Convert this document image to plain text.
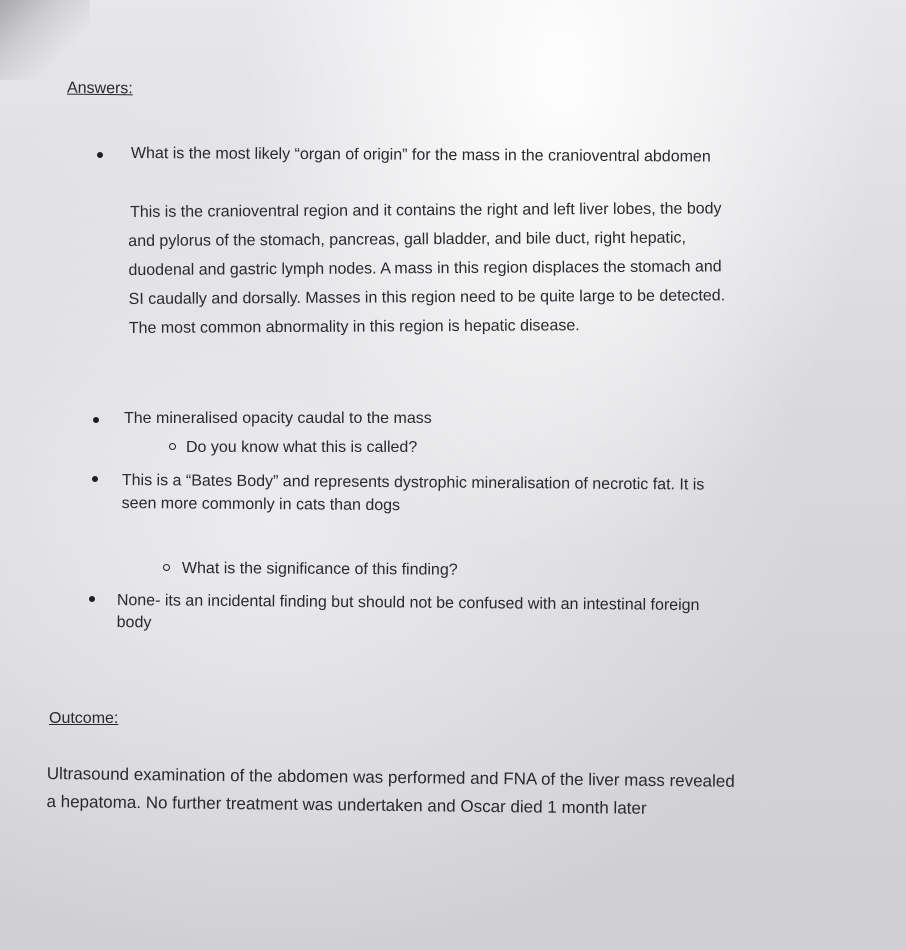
Answers:
What is the most likely “organ of origin” for the mass in the cranioventral abdomen
This is the cranioventral region and it contains the right and left liver lobes, the body
and pylorus of the stomach, pancreas, gall bladder, and bile duct, right hepatic,
duodenal and gastric lymph nodes. A mass in this region displaces the stomach and
SI caudally and dorsally. Masses in this region need to be quite large to be detected.
The most common abnormality in this region is hepatic disease.
The mineralised opacity caudal to the mass
Do you know what this is called?
This is a “Bates Body” and represents dystrophic mineralisation of necrotic fat. It is
seen more commonly in cats than dogs
What is the significance of this finding?
None- its an incidental finding but should not be confused with an intestinal foreign
body
Outcome:
Ultrasound examination of the abdomen was performed and FNA of the liver mass revealed
a hepatoma. No further treatment was undertaken and Oscar died 1 month later
